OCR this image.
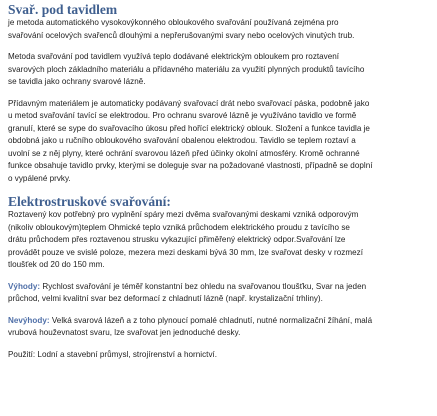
Svař. pod tavidlem

je metoda automatického vysokovýkonného obloukového svařování používaná zejména pro
svařování ocelových svařenců dlouhými a nepřerušovanými svary nebo ocelových vinutých trub.

Metoda svařování pod tavidlem využívá teplo dodávané elektrickým obloukem pro roztavení
svarových ploch základního materiálu a přídavného materiálu za využití plynných produktů tavícího
se tavidla jako ochrany svarové lázně.

Přídavným materiálem je automaticky podávaný svařovací drát nebo svařovací páska, podobně jako
u metod svařování tavící se elektrodou. Pro ochranu svarové lázně je využíváno tavidlo ve formě
granulí, které se sype do svařovacího úkosu před hořící elektrický oblouk. Složení a funkce tavidla je
obdobná jako u ručního obloukového svařování obalenou elektrodou. Tavidlo se teplem roztaví a
uvolní se z něj plyny, které ochrání svarovou lázeň před účinky okolní atmosféry. Kromě ochranné
funkce obsahuje tavidlo prvky, kterými se doleguje svar na požadované vlastnosti, případně se doplní
o vypálené prvky.

Elektrostruskové svařování:

Roztavený kov potřebný pro vyplnění spáry mezi dvěma svařovanými deskami vzniká odporovým
(nikoliv obloukovým)teplem Ohmické teplo vzniká průchodem elektrického proudu z tavícího se
drátu průchodem přes roztavenou strusku vykazující přiměřený elektrický odpor.Svařování lze
provádět pouze ve svislé poloze, mezera mezi deskami bývá 30 mm, lze svařovat desky v rozmezí
tloušťek od 20 do 150 mm.

Výhody: Rychlost svařování je téměř konstantní bez ohledu na svařovanou tloušťku, Svar na jeden
průchod, velmi kvalitní svar bez deformací z chladnutí lázně (např. krystalizační trhliny).

Nevýhody: Velká svarová lázeň a z toho plynoucí pomalé chladnutí, nutné normalizační žíhání, malá
vrubová houževnatost svaru, lze svařovat jen jednoduché desky.

Použití: Lodní a stavební průmysl, strojírenství a hornictví.
